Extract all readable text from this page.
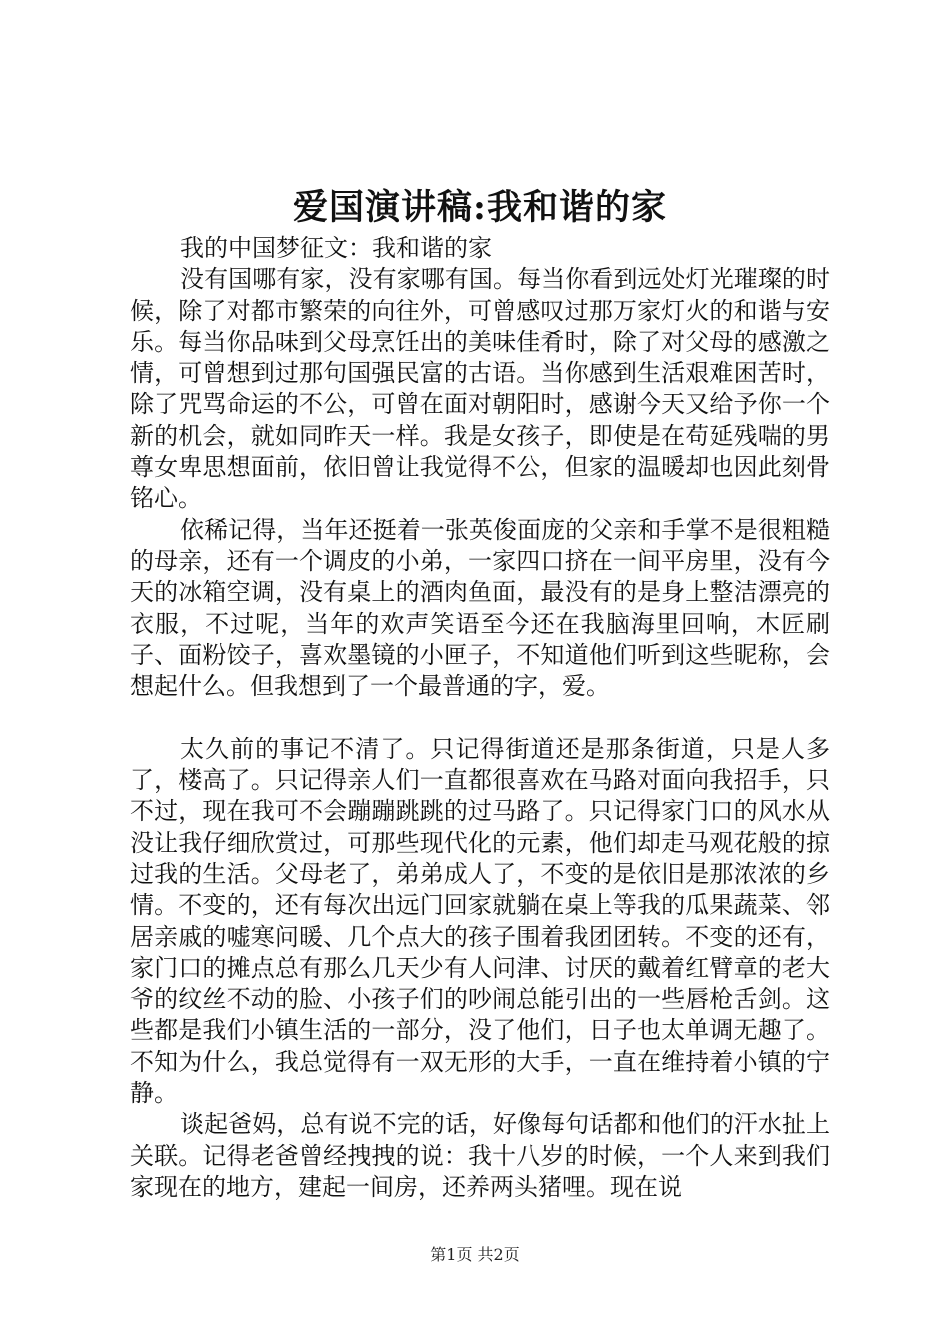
爱国演讲稿:我和谐的家

我的中国梦征文：我和谐的家

没有国哪有家，没有家哪有国。每当你看到远处灯光璀璨的时候，除了对都市繁荣的向往外，可曾感叹过那万家灯火的和谐与安乐。每当你品味到父母烹饪出的美味佳肴时，除了对父母的感激之情，可曾想到过那句国强民富的古语。当你感到生活艰难困苦时，除了咒骂命运的不公，可曾在面对朝阳时，感谢今天又给予你一个新的机会，就如同昨天一样。我是女孩子，即使是在苟延残喘的男尊女卑思想面前，依旧曾让我觉得不公，但家的温暖却也因此刻骨铭心。

依稀记得，当年还挺着一张英俊面庞的父亲和手掌不是很粗糙的母亲，还有一个调皮的小弟，一家四口挤在一间平房里，没有今天的冰箱空调，没有桌上的酒肉鱼面，最没有的是身上整洁漂亮的衣服，不过呢，当年的欢声笑语至今还在我脑海里回响，木匠刷子、面粉饺子，喜欢墨镜的小匣子，不知道他们听到这些昵称，会想起什么。但我想到了一个最普通的字，爱。

太久前的事记不清了。只记得街道还是那条街道，只是人多了，楼高了。只记得亲人们一直都很喜欢在马路对面向我招手，只不过，现在我可不会蹦蹦跳跳的过马路了。只记得家门口的风水从没让我仔细欣赏过，可那些现代化的元素，他们却走马观花般的掠过我的生活。父母老了，弟弟成人了，不变的是依旧是那浓浓的乡情。不变的，还有每次出远门回家就躺在桌上等我的瓜果蔬菜、邻居亲戚的嘘寒问暖、几个点大的孩子围着我团团转。不变的还有，家门口的摊点总有那么几天少有人问津、讨厌的戴着红臂章的老大爷的纹丝不动的脸、小孩子们的吵闹总能引出的一些唇枪舌剑。这些都是我们小镇生活的一部分，没了他们，日子也太单调无趣了。不知为什么，我总觉得有一双无形的大手，一直在维持着小镇的宁静。

谈起爸妈，总有说不完的话，好像每句话都和他们的汗水扯上关联。记得老爸曾经拽拽的说：我十八岁的时候，一个人来到我们家现在的地方，建起一间房，还养两头猪哩。现在说

第1页 共2页
